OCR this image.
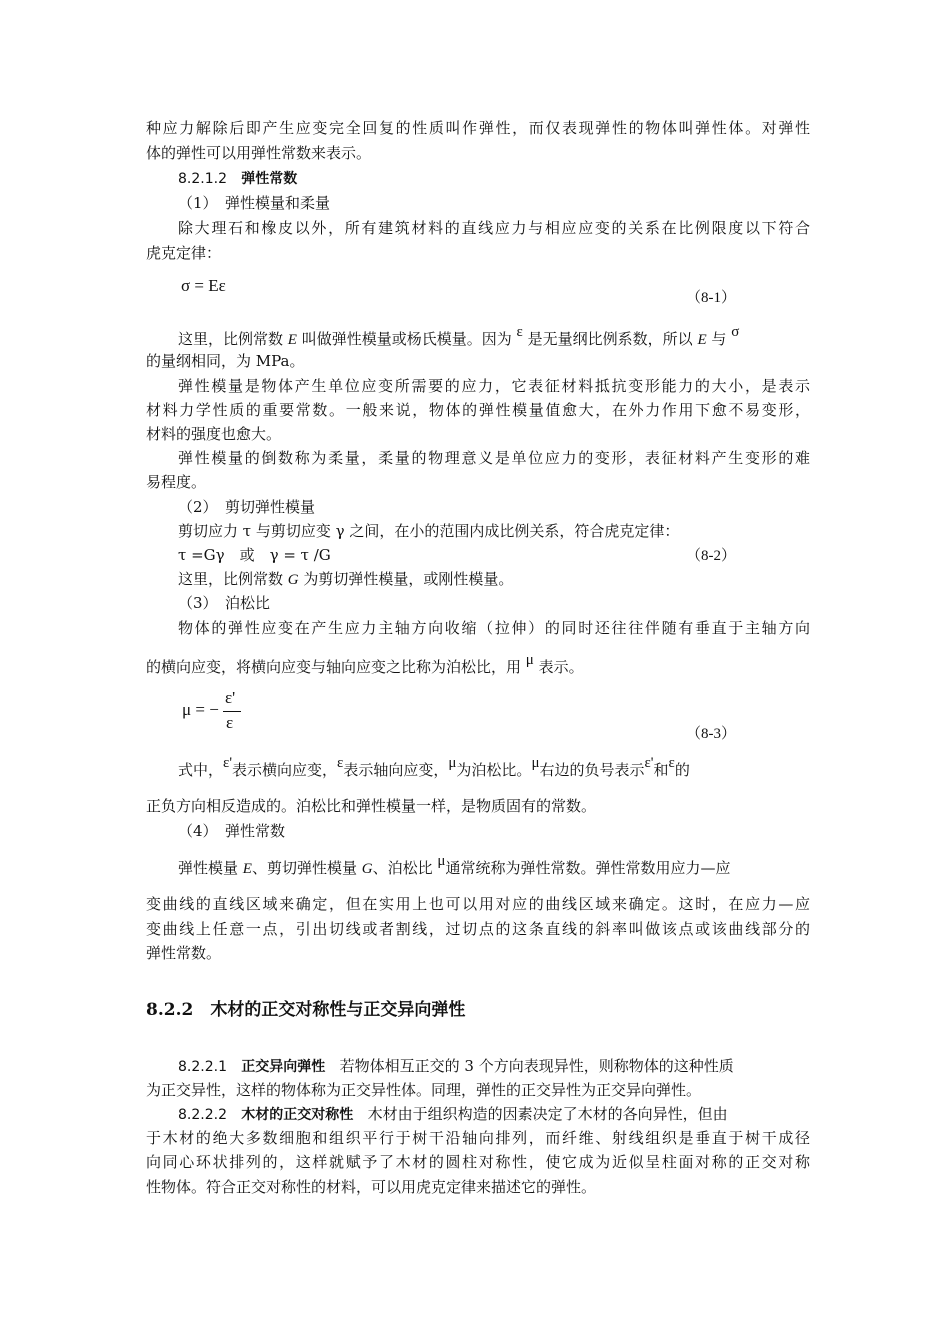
种应力解除后即产生应变完全回复的性质叫作弹性，而仅表现弹性的物体叫弹性体。对弹性
体的弹性可以用弹性常数来表示。
8.2.1.2 弹性常数
（1）　弹性模量和柔量
除大理石和橡皮以外，所有建筑材料的直线应力与相应应变的关系在比例限度以下符合
虎克定律：
σ = Eε
（8-1）
这里，比例常数 E 叫做弹性模量或杨氏模量。因为 ε 是无量纲比例系数，所以 E 与 σ
的量纲相同，为 MPa。
弹性模量是物体产生单位应变所需要的应力，它表征材料抵抗变形能力的大小，是表示
材料力学性质的重要常数。一般来说，物体的弹性模量值愈大，在外力作用下愈不易变形，
材料的强度也愈大。
弹性模量的倒数称为柔量，柔量的物理意义是单位应力的变形，表征材料产生变形的难
易程度。
（2）　剪切弹性模量
剪切应力 τ 与剪切应变 γ 之间，在小的范围内成比例关系，符合虎克定律：
τ =Gγ　或　γ = τ /G	（8-2）
这里，比例常数 G 为剪切弹性模量，或刚性模量。
（3）　泊松比
物体的弹性应变在产生应力主轴方向收缩（拉伸）的同时还往往伴随有垂直于主轴方向
的横向应变，将横向应变与轴向应变之比称为泊松比，用 μ 表示。
μ = −
ε'
ε
（8-3）
式中，ε'表示横向应变，ε表示轴向应变，μ为泊松比。μ右边的负号表示ε'和ε的
正负方向相反造成的。泊松比和弹性模量一样，是物质固有的常数。
（4）　弹性常数
弹性模量 E、剪切弹性模量 G、泊松比 μ通常统称为弹性常数。弹性常数用应力—应
变曲线的直线区域来确定，但在实用上也可以用对应的曲线区域来确定。这时，在应力—应
变曲线上任意一点，引出切线或者割线，过切点的这条直线的斜率叫做该点或该曲线部分的
弹性常数。
8.2.2　木材的正交对称性与正交异向弹性
8.2.2.1 正交异向弹性 若物体相互正交的 3 个方向表现异性，则称物体的这种性质
为正交异性，这样的物体称为正交异性体。同理，弹性的正交异性为正交异向弹性。
8.2.2.2 木材的正交对称性 木材由于组织构造的因素决定了木材的各向异性，但由
于木材的绝大多数细胞和组织平行于树干沿轴向排列，而纤维、射线组织是垂直于树干成径
向同心环状排列的，这样就赋予了木材的圆柱对称性，使它成为近似呈柱面对称的正交对称
性物体。符合正交对称性的材料，可以用虎克定律来描述它的弹性。
